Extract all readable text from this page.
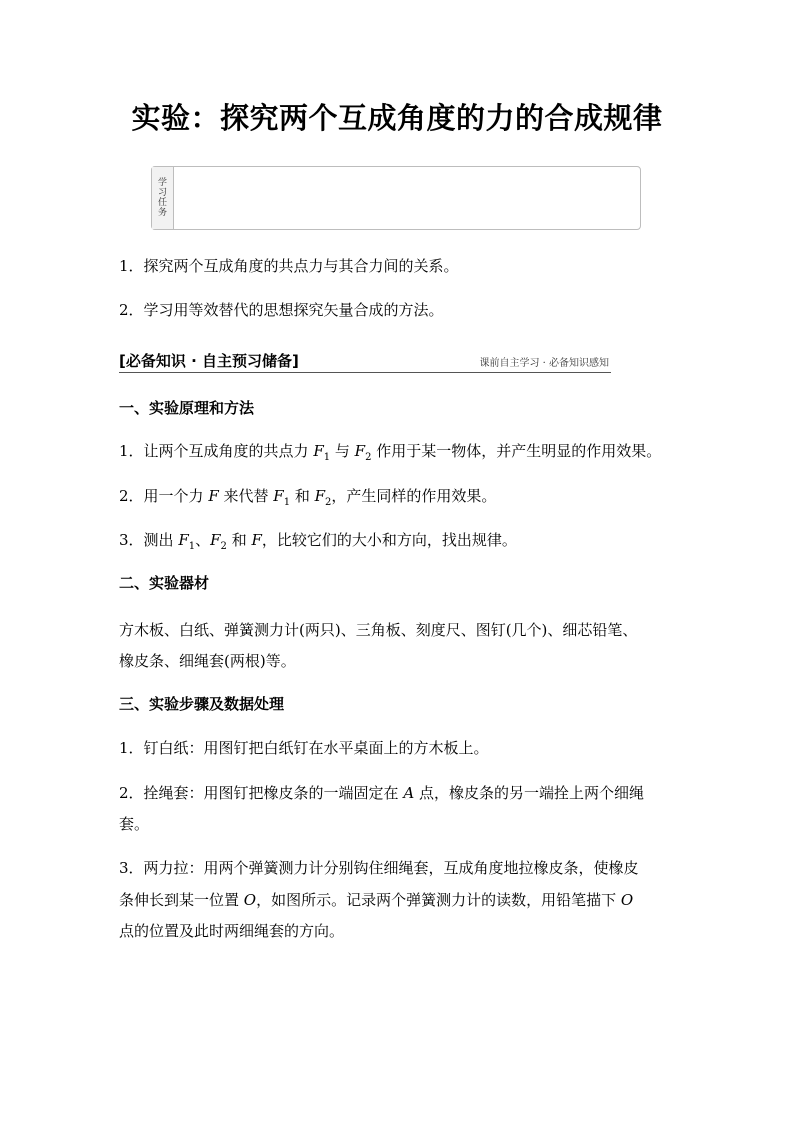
实验：探究两个互成角度的力的合成规律
学习任务
1．探究两个互成角度的共点力与其合力间的关系。
2．学习用等效替代的思想探究矢量合成的方法。
[必备知识 · 自主预习储备]	课前自主学习 · 必备知识感知
一、实验原理和方法
1．让两个互成角度的共点力 $F_1$ 与 $F_2$ 作用于某一物体，并产生明显的作用效果。
2．用一个力 F 来代替 $F_1$ 和 $F_2$，产生同样的作用效果。
3．测出 $F_1$、$F_2$ 和 F，比较它们的大小和方向，找出规律。
二、实验器材
方木板、白纸、弹簧测力计(两只)、三角板、刻度尺、图钉(几个)、细芯铅笔、
橡皮条、细绳套(两根)等。
三、实验步骤及数据处理
1．钉白纸：用图钉把白纸钉在水平桌面上的方木板上。
2．拴绳套：用图钉把橡皮条的一端固定在 A 点，橡皮条的另一端拴上两个细绳
套。
3．两力拉：用两个弹簧测力计分别钩住细绳套，互成角度地拉橡皮条，使橡皮
条伸长到某一位置 O，如图所示。记录两个弹簧测力计的读数，用铅笔描下 O
点的位置及此时两细绳套的方向。
